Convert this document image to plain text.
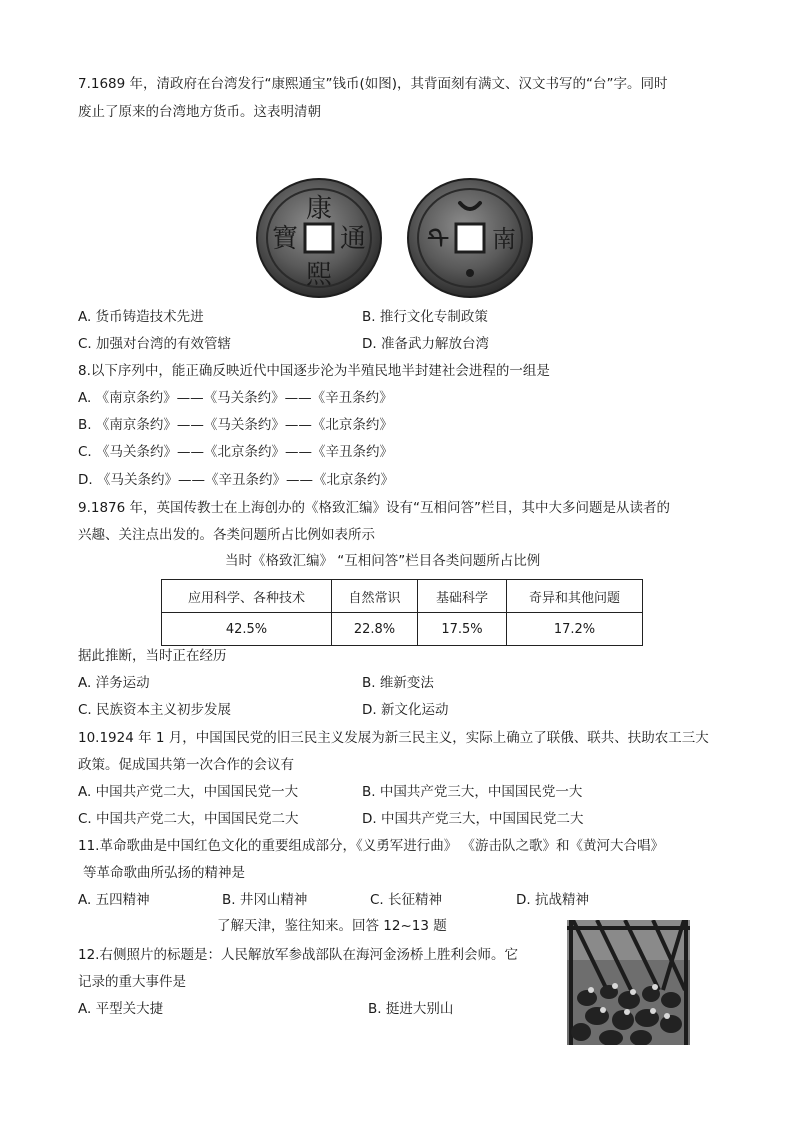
7.1689 年，清政府在台湾发行“康熙通宝”钱币(如图)，其背面刻有满文、汉文书写的“台”字。同时
废止了原来的台湾地方货币。这表明清朝
康
熙
通
寶	南
ᡨ
A. 货币铸造技术先进	B. 推行文化专制政策
C. 加强对台湾的有效管辖	D. 准备武力解放台湾
8.以下序列中，能正确反映近代中国逐步沦为半殖民地半封建社会进程的一组是
A. 《南京条约》——《马关条约》——《辛丑条约》
B. 《南京条约》——《马关条约》——《北京条约》
C. 《马关条约》——《北京条约》——《辛丑条约》
D. 《马关条约》——《辛丑条约》——《北京条约》
9.1876 年，英国传教士在上海创办的《格致汇编》设有“互相问答”栏目，其中大多问题是从读者的
兴趣、关注点出发的。各类问题所占比例如表所示
当时《格致汇编》 “互相问答”栏目各类问题所占比例
应用科学、各种技术	自然常识	基础科学	奇异和其他问题
42.5%	22.8%	17.5%	17.2%
据此推断，当时正在经历
A. 洋务运动	B. 维新变法
C. 民族资本主义初步发展	D. 新文化运动
10.1924 年 1 月，中国国民党的旧三民主义发展为新三民主义，实际上确立了联俄、联共、扶助农工三大
政策。促成国共第一次合作的会议有
A. 中国共产党二大，中国国民党一大	B. 中国共产党三大，中国国民党一大
C. 中国共产党二大，中国国民党二大	D. 中国共产党三大，中国国民党二大
11.革命歌曲是中国红色文化的重要组成部分，《义勇军进行曲》 《游击队之歌》和《黄河大合唱》
等革命歌曲所弘扬的精神是
A. 五四精神	B. 井冈山精神	C. 长征精神	D. 抗战精神
了解天津，鉴往知来。回答 12~13 题
12.右侧照片的标题是：人民解放军参战部队在海河金汤桥上胜利会师。它
记录的重大事件是
A. 平型关大捷	B. 挺进大别山
